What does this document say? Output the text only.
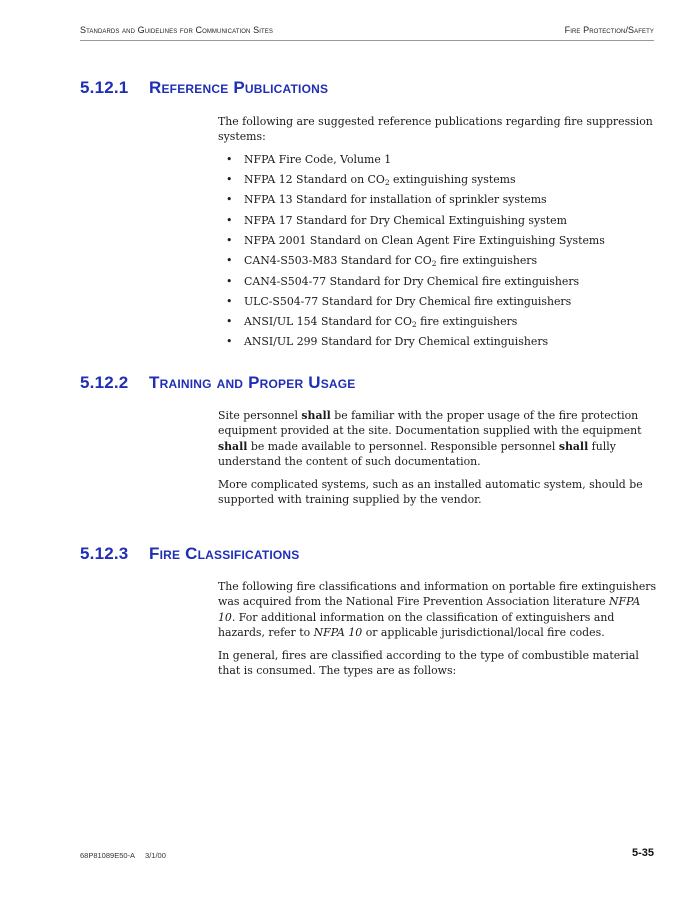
Standards and Guidelines for Communication Sites	Fire Protection/Safety
5.12.1 Reference Publications

The following are suggested reference publications regarding fire suppression systems:

• NFPA Fire Code, Volume 1
• NFPA 12 Standard on $CO_2$ extinguishing systems
• NFPA 13 Standard for installation of sprinkler systems
• NFPA 17 Standard for Dry Chemical Extinguishing system
• NFPA 2001 Standard on Clean Agent Fire Extinguishing Systems
• CAN4-S503-M83 Standard for $CO_2$ fire extinguishers
• CAN4-S504-77 Standard for Dry Chemical fire extinguishers
• ULC-S504-77 Standard for Dry Chemical fire extinguishers
• ANSI/UL 154 Standard for $CO_2$ fire extinguishers
• ANSI/UL 299 Standard for Dry Chemical extinguishers
5.12.2 Training and Proper Usage

Site personnel shall be familiar with the proper usage of the fire protection equipment provided at the site. Documentation supplied with the equipment shall be made available to personnel. Responsible personnel shall fully understand the content of such documentation.

More complicated systems, such as an installed automatic system, should be supported with training supplied by the vendor.

5.12.3 Fire Classifications

The following fire classifications and information on portable fire extinguishers was acquired from the National Fire Prevention Association literature NFPA 10. For additional information on the classification of extinguishers and hazards, refer to NFPA 10 or applicable jurisdictional/local fire codes.

In general, fires are classified according to the type of combustible material that is consumed. The types are as follows:

68P81089E50-A 3/1/00	5-35
